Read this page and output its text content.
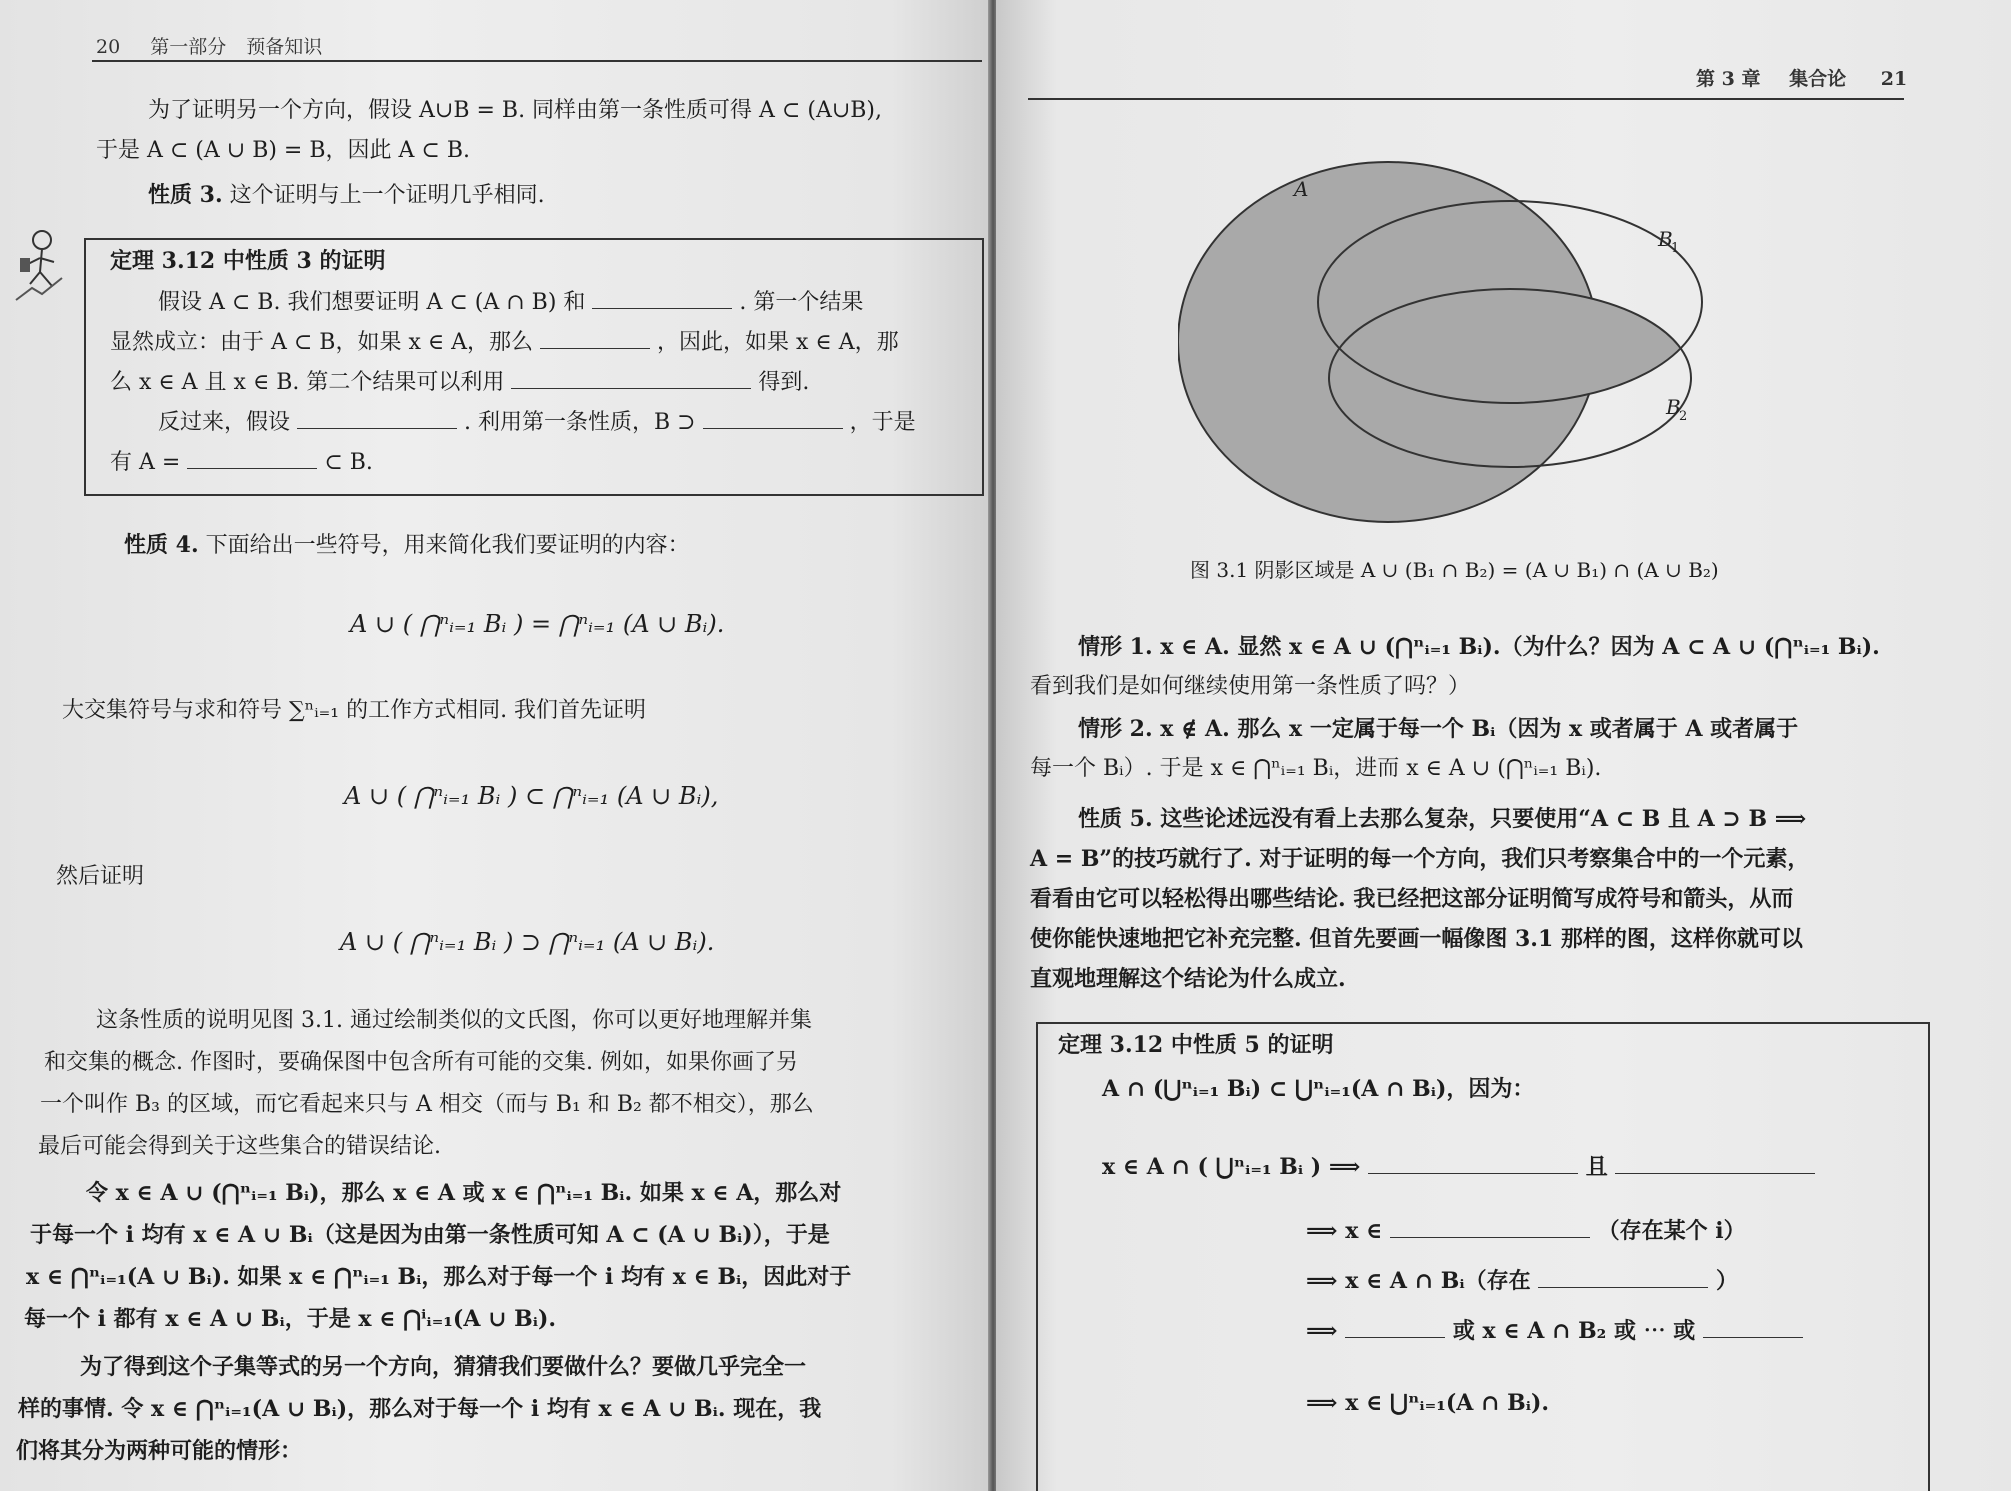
20 第一部分 预备知识
为了证明另一个方向，假设 A∪B = B. 同样由第一条性质可得 A ⊂ (A∪B),
于是 A ⊂ (A ∪ B) = B，因此 A ⊂ B.
性质 3. 这个证明与上一个证明几乎相同.
定理 3.12 中性质 3 的证明
假设 A ⊂ B. 我们想要证明 A ⊂ (A ∩ B) 和	. 第一个结果
显然成立：由于 A ⊂ B，如果 x ∈ A，那么	，因此，如果 x ∈ A，那
么 x ∈ A 且 x ∈ B. 第二个结果可以利用	得到.
反过来，假设	. 利用第一条性质，B ⊃	，于是
有 A =	⊂ B.
性质 4. 下面给出一些符号，用来简化我们要证明的内容：
A ∪ ( ⋂ⁿᵢ₌₁ Bᵢ ) = ⋂ⁿᵢ₌₁ (A ∪ Bᵢ).
大交集符号与求和符号 ∑ⁿᵢ₌₁ 的工作方式相同. 我们首先证明
A ∪ ( ⋂ⁿᵢ₌₁ Bᵢ ) ⊂ ⋂ⁿᵢ₌₁ (A ∪ Bᵢ),
然后证明
A ∪ ( ⋂ⁿᵢ₌₁ Bᵢ ) ⊃ ⋂ⁿᵢ₌₁ (A ∪ Bᵢ).
这条性质的说明见图 3.1. 通过绘制类似的文氏图，你可以更好地理解并集
和交集的概念. 作图时，要确保图中包含所有可能的交集. 例如，如果你画了另
一个叫作 B₃ 的区域，而它看起来只与 A 相交（而与 B₁ 和 B₂ 都不相交），那么
最后可能会得到关于这些集合的错误结论.
令 x ∈ A ∪ (⋂ⁿᵢ₌₁ Bᵢ)，那么 x ∈ A 或 x ∈ ⋂ⁿᵢ₌₁ Bᵢ. 如果 x ∈ A，那么对
于每一个 i 均有 x ∈ A ∪ Bᵢ（这是因为由第一条性质可知 A ⊂ (A ∪ Bᵢ)），于是
x ∈ ⋂ⁿᵢ₌₁(A ∪ Bᵢ). 如果 x ∈ ⋂ⁿᵢ₌₁ Bᵢ，那么对于每一个 i 均有 x ∈ Bᵢ，因此对于
每一个 i 都有 x ∈ A ∪ Bᵢ，于是 x ∈ ⋂ⁱᵢ₌₁(A ∪ Bᵢ).
为了得到这个子集等式的另一个方向，猜猜我们要做什么？要做几乎完全一
样的事情. 令 x ∈ ⋂ⁿᵢ₌₁(A ∪ Bᵢ)，那么对于每一个 i 均有 x ∈ A ∪ Bᵢ. 现在，我
们将其分为两种可能的情形：
第 3 章 集合论 21
A
B
1
B
2
图 3.1 阴影区域是 A ∪ (B₁ ∩ B₂) = (A ∪ B₁) ∩ (A ∪ B₂)
情形 1. x ∈ A. 显然 x ∈ A ∪ (⋂ⁿᵢ₌₁ Bᵢ).（为什么？因为 A ⊂ A ∪ (⋂ⁿᵢ₌₁ Bᵢ).
看到我们是如何继续使用第一条性质了吗？）
情形 2. x ∉ A. 那么 x 一定属于每一个 Bᵢ（因为 x 或者属于 A 或者属于
每一个 Bᵢ）. 于是 x ∈ ⋂ⁿᵢ₌₁ Bᵢ，进而 x ∈ A ∪ (⋂ⁿᵢ₌₁ Bᵢ).
性质 5. 这些论述远没有看上去那么复杂，只要使用“A ⊂ B 且 A ⊃ B ⟹
A = B”的技巧就行了. 对于证明的每一个方向，我们只考察集合中的一个元素，
看看由它可以轻松得出哪些结论. 我已经把这部分证明简写成符号和箭头，从而
使你能快速地把它补充完整. 但首先要画一幅像图 3.1 那样的图，这样你就可以
直观地理解这个结论为什么成立.
定理 3.12 中性质 5 的证明
A ∩ (⋃ⁿᵢ₌₁ Bᵢ) ⊂ ⋃ⁿᵢ₌₁(A ∩ Bᵢ)，因为：
x ∈ A ∩ ( ⋃ⁿᵢ₌₁ Bᵢ ) ⟹	且
⟹ x ∈	（存在某个 i）
⟹ x ∈ A ∩ Bᵢ（存在	）
⟹	或 x ∈ A ∩ B₂ 或 ⋯ 或
⟹ x ∈ ⋃ⁿᵢ₌₁(A ∩ Bᵢ).
